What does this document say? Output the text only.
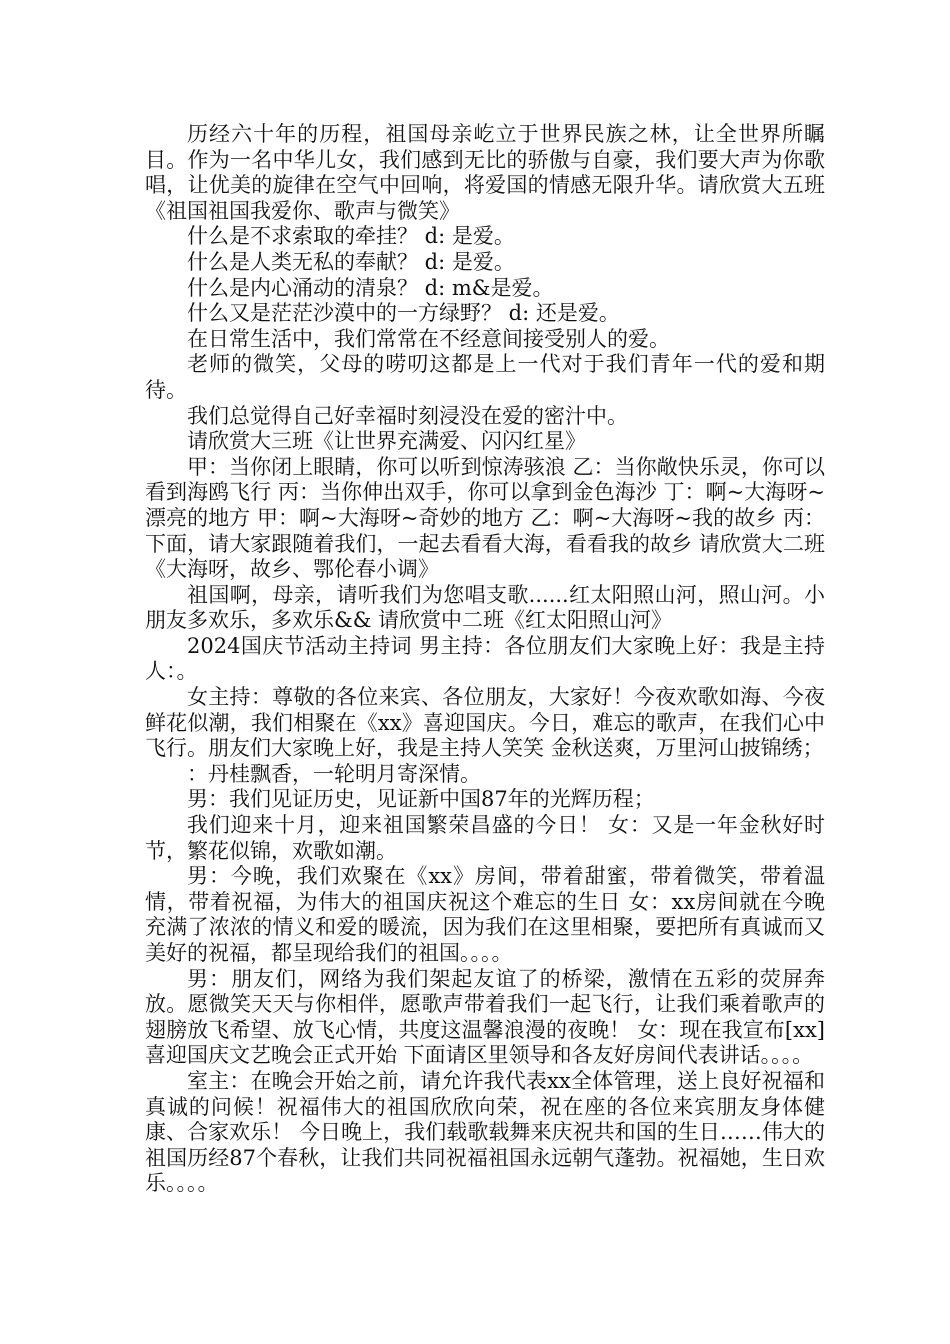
历经六十年的历程，祖国母亲屹立于世界民族之林，让全世界所瞩目。作为一名中华儿女，我们感到无比的骄傲与自豪，我们要大声为你歌唱，让优美的旋律在空气中回响，将爱国的情感无限升华。请欣赏大五班《祖国祖国我爱你、歌声与微笑》

什么是不求索取的牵挂？ d: 是爱。

什么是人类无私的奉献？ d: 是爱。

什么是内心涌动的清泉？ d: m&是爱。

什么又是茫茫沙漠中的一方绿野？ d: 还是爱。

在日常生活中，我们常常在不经意间接受别人的爱。

老师的微笑，父母的唠叨这都是上一代对于我们青年一代的爱和期待。

我们总觉得自己好幸福时刻浸没在爱的密汁中。

请欣赏大三班《让世界充满爱、闪闪红星》

甲：当你闭上眼睛，你可以听到惊涛骇浪 乙：当你敞快乐灵，你可以看到海鸥飞行 丙：当你伸出双手，你可以拿到金色海沙 丁：啊~大海呀~漂亮的地方 甲：啊~大海呀~奇妙的地方 乙：啊~大海呀~我的故乡 丙：下面，请大家跟随着我们，一起去看看大海，看看我的故乡 请欣赏大二班《大海呀，故乡、鄂伦春小调》

祖国啊，母亲，请听我们为您唱支歌......红太阳照山河，照山河。小朋友多欢乐，多欢乐&& 请欣赏中二班《红太阳照山河》

2024国庆节活动主持词 男主持：各位朋友们大家晚上好：我是主持人：。

女主持：尊敬的各位来宾、各位朋友，大家好！今夜欢歌如海、今夜鲜花似潮，我们相聚在《xx》喜迎国庆。今日，难忘的歌声，在我们心中飞行。朋友们大家晚上好，我是主持人笑笑 金秋送爽，万里河山披锦绣；

：丹桂飘香，一轮明月寄深情。

男：我们见证历史，见证新中国87年的光辉历程；

我们迎来十月，迎来祖国繁荣昌盛的今日！ 女：又是一年金秋好时节，繁花似锦，欢歌如潮。

男：今晚，我们欢聚在《xx》房间，带着甜蜜，带着微笑，带着温情，带着祝福，为伟大的祖国庆祝这个难忘的生日 女：xx房间就在今晚充满了浓浓的情义和爱的暖流，因为我们在这里相聚，要把所有真诚而又美好的祝福，都呈现给我们的祖国。。。。

男：朋友们，网络为我们架起友谊了的桥梁，激情在五彩的荧屏奔放。愿微笑天天与你相伴，愿歌声带着我们一起飞行，让我们乘着歌声的翅膀放飞希望、放飞心情，共度这温馨浪漫的夜晚！ 女：现在我宣布[xx]喜迎国庆文艺晚会正式开始 下面请区里领导和各友好房间代表讲话。。。。

室主：在晚会开始之前，请允许我代表xx全体管理，送上良好祝福和真诚的问候！祝福伟大的祖国欣欣向荣，祝在座的各位来宾朋友身体健康、合家欢乐！ 今日晚上，我们载歌载舞来庆祝共和国的生日……伟大的祖国历经87个春秋，让我们共同祝福祖国永远朝气蓬勃。祝福她，生日欢乐。。。。
